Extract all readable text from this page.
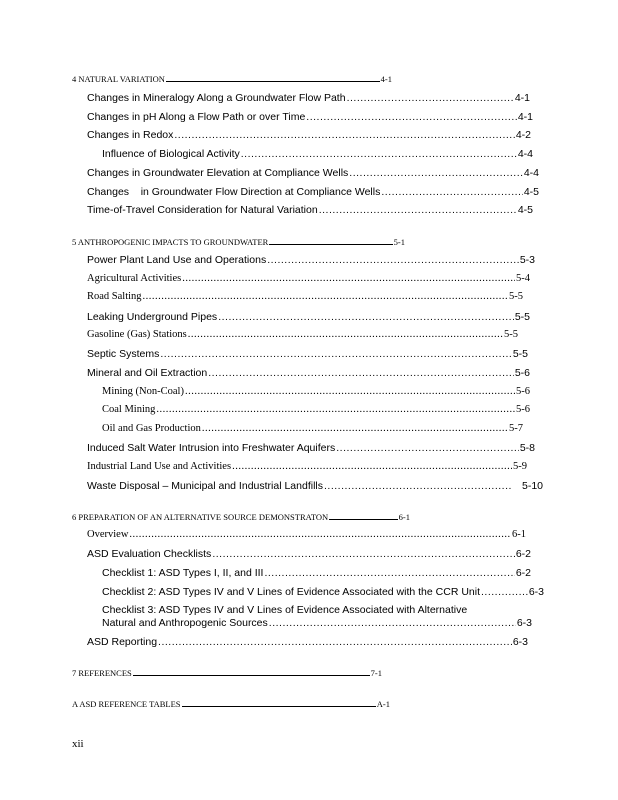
4 NATURAL VARIATION	4-1
Changes in Mineralogy Along a Groundwater Flow Path .....	4-1
Changes in pH Along a Flow Path or over Time .....	4-1
Changes in Redox .....	4-2
Influence of Biological Activity .....	4-4
Changes in Groundwater Elevation at Compliance Wells .....	4-4
Changes    in Groundwater Flow Direction at Compliance Wells .....	4-5
Time-of-Travel Consideration for Natural Variation .....	4-5
5 ANTHROPOGENIC IMPACTS TO GROUNDWATER	5-1
Power Plant Land Use and Operations .....	5-3
Agricultural Activities .....	5-4
Road Salting .....	5-5
Leaking Underground Pipes .....	5-5
Gasoline (Gas) Stations .....	5-5
Septic Systems .....	5-5
Mineral and Oil Extraction .....	5-6
Mining (Non-Coal) .....	5-6
Coal Mining .....	5-6
Oil and Gas Production .....	5-7
Induced Salt Water Intrusion into Freshwater Aquifers .....	5-8
Industrial Land Use and Activities .....	5-9
Waste Disposal – Municipal and Industrial Landfills .....	5-10
6 PREPARATION OF AN ALTERNATIVE SOURCE DEMONSTRATON	6-1
Overview .....	6-1
ASD Evaluation Checklists .....	6-2
Checklist 1: ASD Types I, II, and III .....	6-2
Checklist 2: ASD Types IV and V Lines of Evidence Associated with the CCR Unit .....	6-3
Checklist 3: ASD Types IV and V Lines of Evidence Associated with Alternative
Natural and Anthropogenic Sources .....	6-3
ASD Reporting .....	6-3
7 REFERENCES	7-1
A ASD REFERENCE TABLES	A-1
xii
